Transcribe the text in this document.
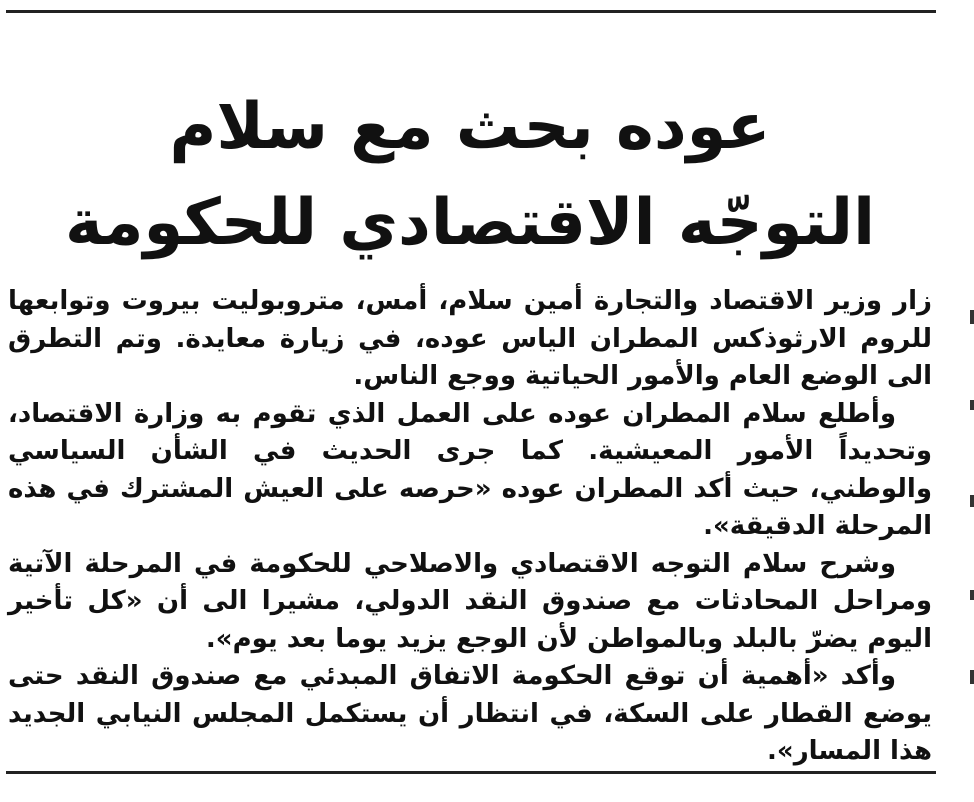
عوده بحث مع سلام
التوجّه الاقتصادي للحكومة

زار وزير الاقتصاد والتجارة أمين سلام، أمس، متروبوليت بيروت وتوابعها للروم الارثوذكس المطران الياس عوده، في زيارة معايدة. وتم التطرق الى الوضع العام والأمور الحياتية ووجع الناس.

وأطلع سلام المطران عوده على العمل الذي تقوم به وزارة الاقتصاد، وتحديداً الأمور المعيشية. كما جرى الحديث في الشأن السياسي والوطني، حيث أكد المطران عوده «حرصه على العيش المشترك في هذه المرحلة الدقيقة».

وشرح سلام التوجه الاقتصادي والاصلاحي للحكومة في المرحلة الآتية ومراحل المحادثات مع صندوق النقد الدولي، مشيرا الى أن «كل تأخير اليوم يضرّ بالبلد وبالمواطن لأن الوجع يزيد يوما بعد يوم».

وأكد «أهمية أن توقع الحكومة الاتفاق المبدئي مع صندوق النقد حتى يوضع القطار على السكة، في انتظار أن يستكمل المجلس النيابي الجديد هذا المسار».
